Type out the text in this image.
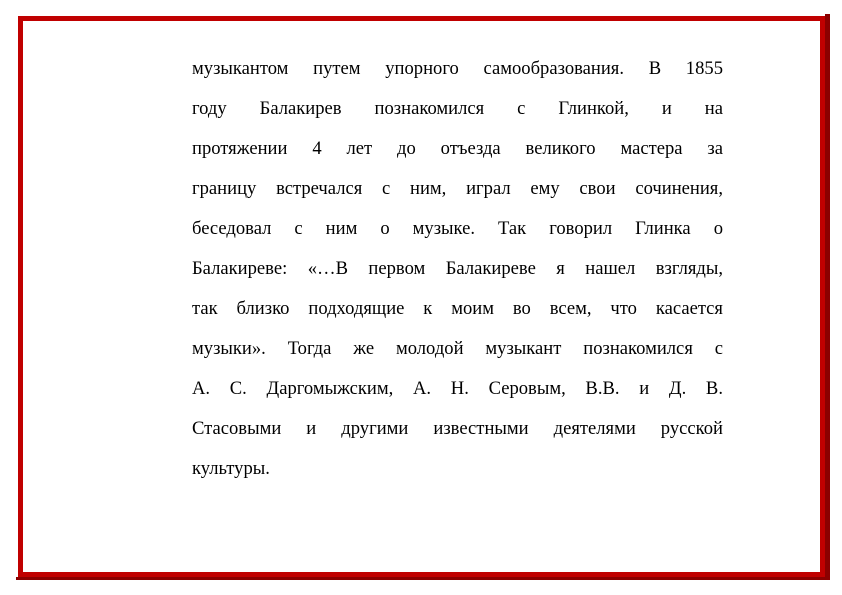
музыкантом путем упорного самообразования. В 1855
году Балакирев познакомился с Глинкой, и на
протяжении 4 лет до отъезда великого мастера за
границу встречался с ним, играл ему свои сочинения,
беседовал с ним о музыке. Так говорил Глинка о
Балакиреве: «…В первом Балакиреве я нашел взгляды,
так близко подходящие к моим во всем, что касается
музыки». Тогда же молодой музыкант познакомился с
А. С. Даргомыжским, А. Н. Серовым, В.В. и Д. В.
Стасовыми и другими известными деятелями русской
культуры.
